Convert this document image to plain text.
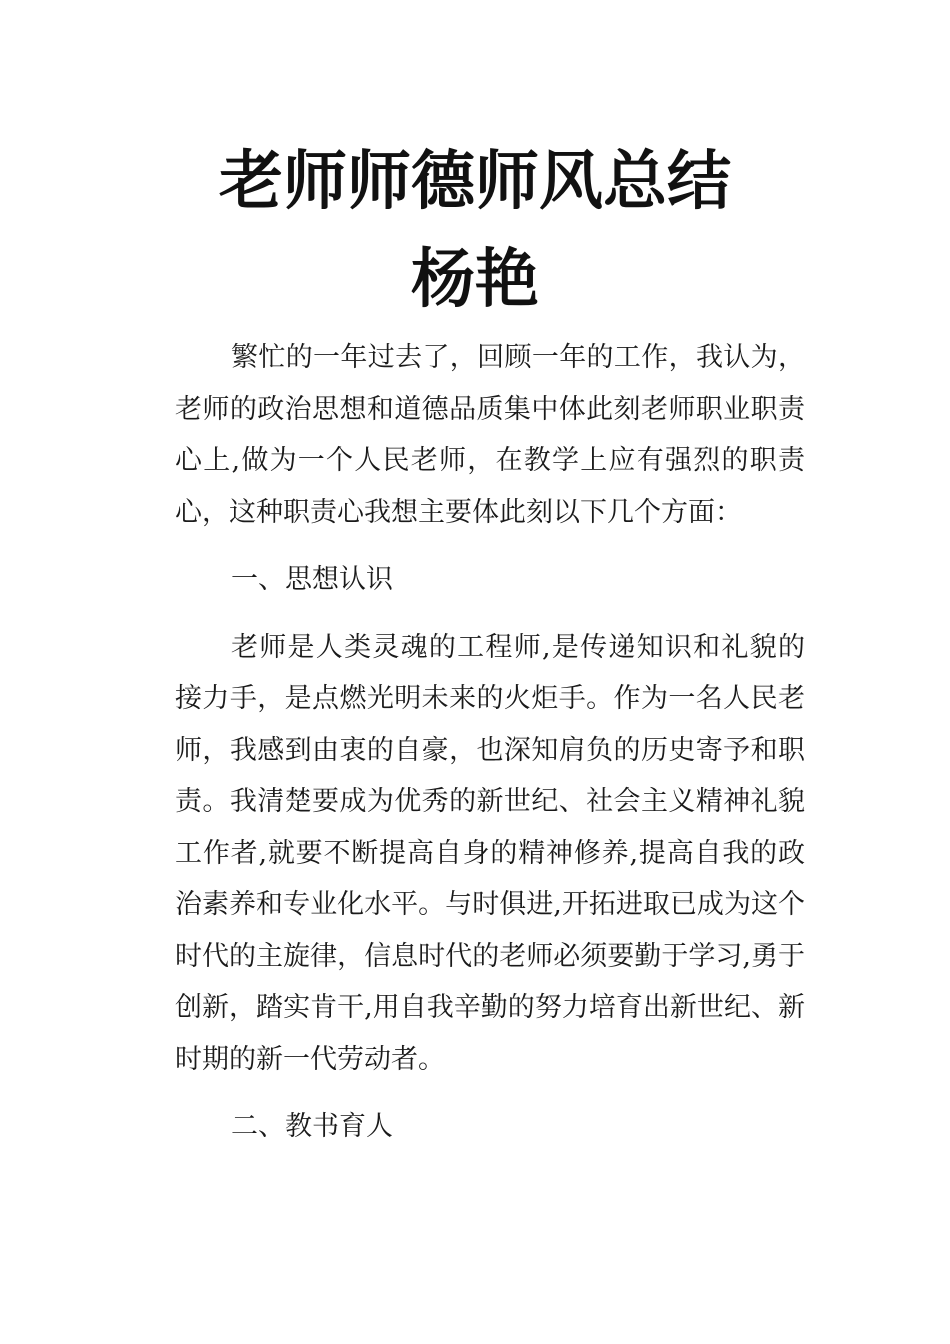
老师师德师风总结
杨艳

繁忙的一年过去了，回顾一年的工作，我认为，老师的政治思想和道德品质集中体此刻老师职业职责心上,做为一个人民老师，在教学上应有强烈的职责心，这种职责心我想主要体此刻以下几个方面：

一、思想认识

老师是人类灵魂的工程师,是传递知识和礼貌的接力手，是点燃光明未来的火炬手。作为一名人民老师，我感到由衷的自豪，也深知肩负的历史寄予和职责。我清楚要成为优秀的新世纪、社会主义精神礼貌工作者,就要不断提高自身的精神修养,提高自我的政治素养和专业化水平。与时俱进,开拓进取已成为这个时代的主旋律，信息时代的老师必须要勤于学习,勇于创新，踏实肯干,用自我辛勤的努力培育出新世纪、新时期的新一代劳动者。

二、教书育人
